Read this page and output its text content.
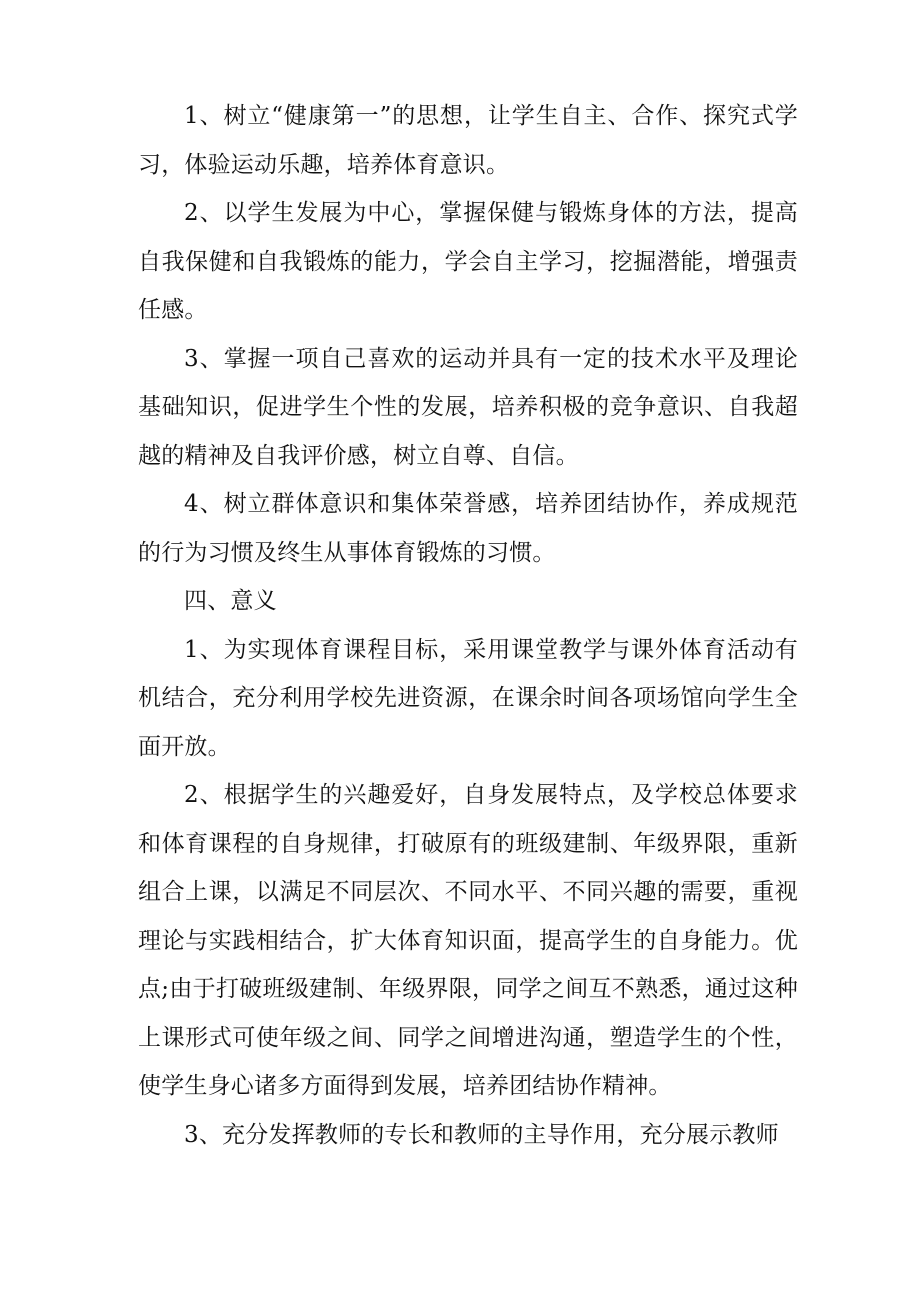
1、树立“健康第一”的思想，让学生自主、合作、探究式学习，体验运动乐趣，培养体育意识。

2、以学生发展为中心，掌握保健与锻炼身体的方法，提高自我保健和自我锻炼的能力，学会自主学习，挖掘潜能，增强责任感。

3、掌握一项自己喜欢的运动并具有一定的技术水平及理论基础知识，促进学生个性的发展，培养积极的竞争意识、自我超越的精神及自我评价感，树立自尊、自信。

4、树立群体意识和集体荣誉感，培养团结协作，养成规范的行为习惯及终生从事体育锻炼的习惯。

四、意义

1、为实现体育课程目标，采用课堂教学与课外体育活动有机结合，充分利用学校先进资源，在课余时间各项场馆向学生全面开放。

2、根据学生的兴趣爱好，自身发展特点，及学校总体要求和体育课程的自身规律，打破原有的班级建制、年级界限，重新组合上课，以满足不同层次、不同水平、不同兴趣的需要，重视理论与实践相结合，扩大体育知识面，提高学生的自身能力。优点;由于打破班级建制、年级界限，同学之间互不熟悉，通过这种上课形式可使年级之间、同学之间增进沟通，塑造学生的个性，使学生身心诸多方面得到发展，培养团结协作精神。

3、充分发挥教师的专长和教师的主导作用，充分展示教师
